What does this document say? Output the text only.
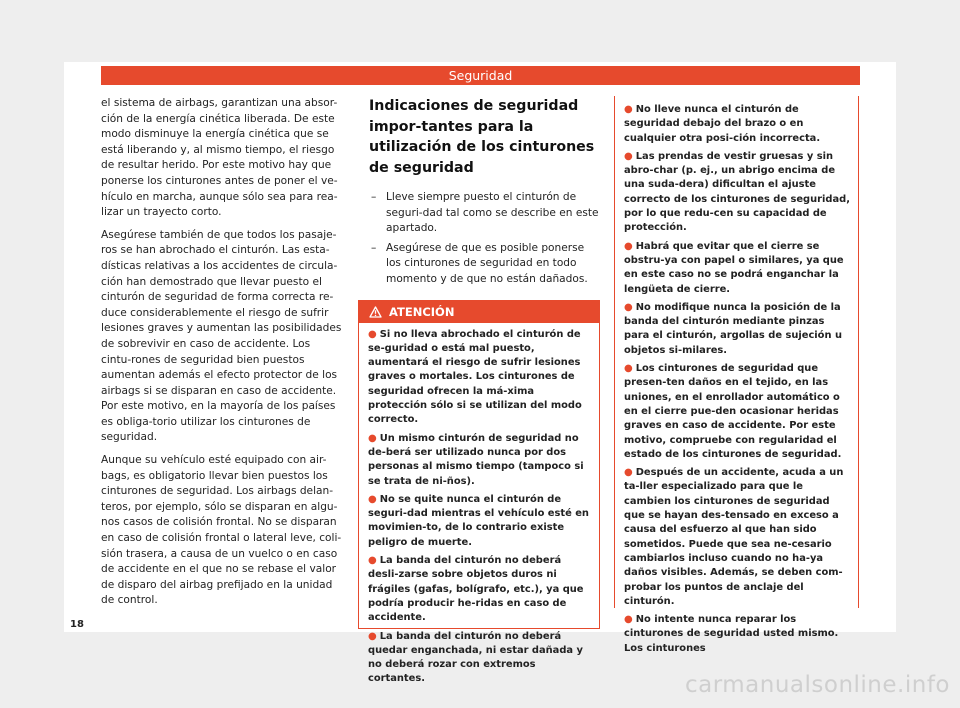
Seguridad

el sistema de airbags, garantizan una absor-ción de la energía cinética liberada. De este modo disminuye la energía cinética que se está liberando y, al mismo tiempo, el riesgo de resultar herido. Por este motivo hay que ponerse los cinturones antes de poner el ve-hículo en marcha, aunque sólo sea para rea-lizar un trayecto corto.

Asegúrese también de que todos los pasaje-ros se han abrochado el cinturón. Las esta-dísticas relativas a los accidentes de circula-ción han demostrado que llevar puesto el cinturón de seguridad de forma correcta re-duce considerablemente el riesgo de sufrir lesiones graves y aumentan las posibilidades de sobrevivir en caso de accidente. Los cintu-rones de seguridad bien puestos aumentan además el efecto protector de los airbags si se disparan en caso de accidente. Por este motivo, en la mayoría de los países es obliga-torio utilizar los cinturones de seguridad.

Aunque su vehículo esté equipado con air-bags, es obligatorio llevar bien puestos los cinturones de seguridad. Los airbags delan-teros, por ejemplo, sólo se disparan en algu-nos casos de colisión frontal. No se disparan en caso de colisión frontal o lateral leve, coli-sión trasera, a causa de un vuelco o en caso de accidente en el que no se rebase el valor de disparo del airbag prefijado en la unidad de control.

Indicaciones de seguridad impor-tantes para la utilización de los cinturones de seguridad
– Lleve siempre puesto el cinturón de seguri-dad tal como se describe en este apartado.
– Asegúrese de que es posible ponerse los cinturones de seguridad en todo momento y de que no están dañados.
ATENCIÓN

● Si no lleva abrochado el cinturón de se-guridad o está mal puesto, aumentará el riesgo de sufrir lesiones graves o mortales. Los cinturones de seguridad ofrecen la má-xima protección sólo si se utilizan del modo correcto.

● Un mismo cinturón de seguridad no de-berá ser utilizado nunca por dos personas al mismo tiempo (tampoco si se trata de ni-ños).

● No se quite nunca el cinturón de seguri-dad mientras el vehículo esté en movimien-to, de lo contrario existe peligro de muerte.

● La banda del cinturón no deberá desli-zarse sobre objetos duros ni frágiles (gafas, bolígrafo, etc.), ya que podría producir he-ridas en caso de accidente.

● La banda del cinturón no deberá quedar enganchada, ni estar dañada y no deberá rozar con extremos cortantes.

● No lleve nunca el cinturón de seguridad debajo del brazo o en cualquier otra posi-ción incorrecta.

● Las prendas de vestir gruesas y sin abro-char (p. ej., un abrigo encima de una suda-dera) dificultan el ajuste correcto de los cinturones de seguridad, por lo que redu-cen su capacidad de protección.

● Habrá que evitar que el cierre se obstru-ya con papel o similares, ya que en este caso no se podrá enganchar la lengüeta de cierre.

● No modifique nunca la posición de la banda del cinturón mediante pinzas para el cinturón, argollas de sujeción u objetos si-milares.

● Los cinturones de seguridad que presen-ten daños en el tejido, en las uniones, en el enrollador automático o en el cierre pue-den ocasionar heridas graves en caso de accidente. Por este motivo, compruebe con regularidad el estado de los cinturones de seguridad.

● Después de un accidente, acuda a un ta-ller especializado para que le cambien los cinturones de seguridad que se hayan des-tensado en exceso a causa del esfuerzo al que han sido sometidos. Puede que sea ne-cesario cambiarlos incluso cuando no ha-ya daños visibles. Además, se deben com-probar los puntos de anclaje del cinturón.

● No intente nunca reparar los cinturones de seguridad usted mismo. Los cinturones

18
carmanualsonline.info
